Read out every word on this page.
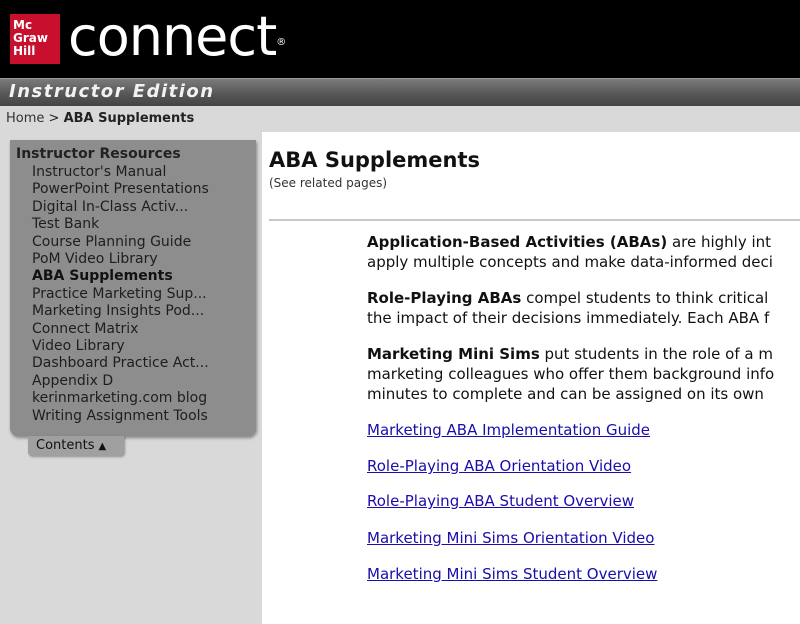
Mc
Graw
Hill connect®
Instructor Edition
Home > ABA Supplements
Instructor Resources
Instructor's Manual
PowerPoint Presentations
Digital In-Class Activ...
Test Bank
Course Planning Guide
PoM Video Library
ABA Supplements
Practice Marketing Sup...
Marketing Insights Pod...
Connect Matrix
Video Library
Dashboard Practice Act...
Appendix D
kerinmarketing.com blog
Writing Assignment Tools
Contents ▲
ABA Supplements
(See related pages)
Application-Based Activities (ABAs) are highly int
apply multiple concepts and make data-informed deci
Role-Playing ABAs compel students to think critical
the impact of their decisions immediately. Each ABA f
Marketing Mini Sims put students in the role of a m
marketing colleagues who offer them background info
minutes to complete and can be assigned on its own
Marketing ABA Implementation Guide
Role-Playing ABA Orientation Video
Role-Playing ABA Student Overview
Marketing Mini Sims Orientation Video
Marketing Mini Sims Student Overview
